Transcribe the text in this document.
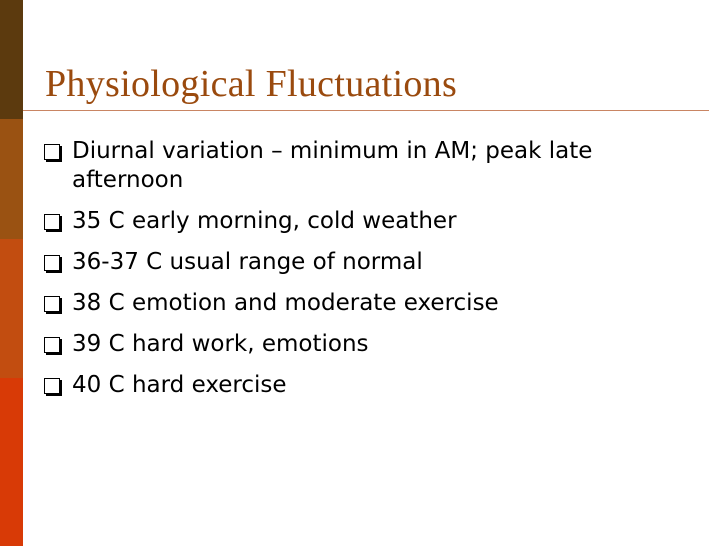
Physiological Fluctuations
Diurnal variation – minimum in AM; peak late afternoon
35 C early morning, cold weather
36-37 C usual range of normal
38 C emotion and moderate exercise
39 C hard work, emotions
40 C hard exercise
